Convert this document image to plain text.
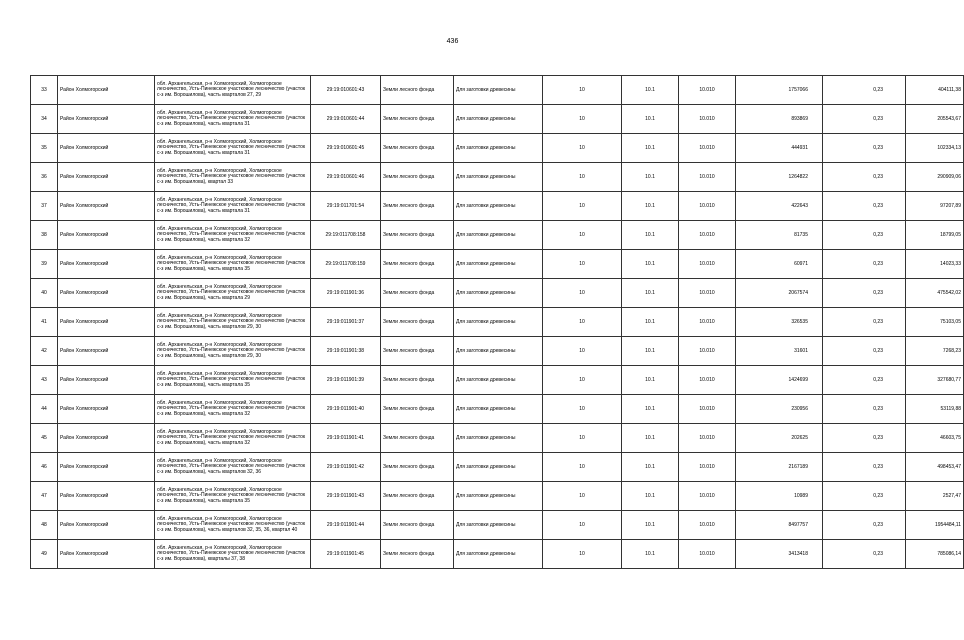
436
33	Район Холмогорский	обл. Архангельская, р-н Холмогорский, Холмогорское лесничество, Усть-Пинежское участковое лесничество (участок с-з им. Ворошилова), часть кварталов 27, 29	29:19:010601:43	Земли лесного фонда	Для заготовки древесины	10	10.1	10.010	1757066	0,23	404111,38
34	Район Холмогорский	обл. Архангельская, р-н Холмогорский, Холмогорское лесничество, Усть-Пинежское участковое лесничество (участок с-з им. Ворошилова), часть квартала 31	29:19:010601:44	Земли лесного фонда	Для заготовки древесины	10	10.1	10.010	893869	0,23	205543,67
35	Район Холмогорский	обл. Архангельская, р-н Холмогорский, Холмогорское лесничество, Усть-Пинежское участковое лесничество (участок с-з им. Ворошилова), часть квартала 31	29:19:010601:45	Земли лесного фонда	Для заготовки древесины	10	10.1	10.010	444931	0,23	102334,13
36	Район Холмогорский	обл. Архангельская, р-н Холмогорский, Холмогорское лесничество, Усть-Пинежское участковое лесничество (участок с-з им. Ворошилова), квартал 33	29:19:010601:46	Земли лесного фонда	Для заготовки древесины	10	10.1	10.010	1264822	0,23	290909,06
37	Район Холмогорский	обл. Архангельская, р-н Холмогорский, Холмогорское лесничество, Усть-Пинежское участковое лесничество (участок с-з им. Ворошилова), часть квартала 31	29:19:011701:54	Земли лесного фонда	Для заготовки древесины	10	10.1	10.010	422643	0,23	97207,89
38	Район Холмогорский	обл. Архангельская, р-н Холмогорский, Холмогорское лесничество, Усть-Пинежское участковое лесничество (участок с-з им. Ворошилова), часть квартала 32	29:19:011708:158	Земли лесного фонда	Для заготовки древесины	10	10.1	10.010	81735	0,23	18799,05
39	Район Холмогорский	обл. Архангельская, р-н Холмогорский, Холмогорское лесничество, Усть-Пинежское участковое лесничество (участок с-з им. Ворошилова), часть квартала 35	29:19:011708:159	Земли лесного фонда	Для заготовки древесины	10	10.1	10.010	60971	0,23	14023,33
40	Район Холмогорский	обл. Архангельская, р-н Холмогорский, Холмогорское лесничество, Усть-Пинежское участковое лесничество (участок с-з им. Ворошилова), часть квартала 29	29:19:011901:36	Земли лесного фонда	Для заготовки древесины	10	10.1	10.010	2067574	0,23	475542,02
41	Район Холмогорский	обл. Архангельская, р-н Холмогорский, Холмогорское лесничество, Усть-Пинежское участковое лесничество (участок с-з им. Ворошилова), часть кварталов 29, 30	29:19:011901:37	Земли лесного фонда	Для заготовки древесины	10	10.1	10.010	326535	0,23	75103,05
42	Район Холмогорский	обл. Архангельская, р-н Холмогорский, Холмогорское лесничество, Усть-Пинежское участковое лесничество (участок с-з им. Ворошилова), часть кварталов 29, 30	29:19:011901:38	Земли лесного фонда	Для заготовки древесины	10	10.1	10.010	31601	0,23	7268,23
43	Район Холмогорский	обл. Архангельская, р-н Холмогорский, Холмогорское лесничество, Усть-Пинежское участковое лесничество (участок с-з им. Ворошилова), часть квартала 35	29:19:011901:39	Земли лесного фонда	Для заготовки древесины	10	10.1	10.010	1424699	0,23	327680,77
44	Район Холмогорский	обл. Архангельская, р-н Холмогорский, Холмогорское лесничество, Усть-Пинежское участковое лесничество (участок с-з им. Ворошилова), часть квартала 32	29:19:011901:40	Земли лесного фонда	Для заготовки древесины	10	10.1	10.010	230956	0,23	53119,88
45	Район Холмогорский	обл. Архангельская, р-н Холмогорский, Холмогорское лесничество, Усть-Пинежское участковое лесничество (участок с-з им. Ворошилова), часть квартала 32	29:19:011901:41	Земли лесного фонда	Для заготовки древесины	10	10.1	10.010	202625	0,23	46603,75
46	Район Холмогорский	обл. Архангельская, р-н Холмогорский, Холмогорское лесничество, Усть-Пинежское участковое лесничество (участок с-з им. Ворошилова), часть кварталов 32, 36	29:19:011901:42	Земли лесного фонда	Для заготовки древесины	10	10.1	10.010	2167189	0,23	498453,47
47	Район Холмогорский	обл. Архангельская, р-н Холмогорский, Холмогорское лесничество, Усть-Пинежское участковое лесничество (участок с-з им. Ворошилова), часть квартала 35	29:19:011901:43	Земли лесного фонда	Для заготовки древесины	10	10.1	10.010	10989	0,23	2527,47
48	Район Холмогорский	обл. Архангельская, р-н Холмогорский, Холмогорское лесничество, Усть-Пинежское участковое лесничество (участок с-з им. Ворошилова), часть кварталов 32, 35, 36, квартал 40	29:19:011901:44	Земли лесного фонда	Для заготовки древесины	10	10.1	10.010	8497757	0,23	1954484,11
49	Район Холмогорский	обл. Архангельская, р-н Холмогорский, Холмогорское лесничество, Усть-Пинежское участковое лесничество (участок с-з им. Ворошилова), кварталы 37, 38	29:19:011901:45	Земли лесного фонда	Для заготовки древесины	10	10.1	10.010	3413418	0,23	785086,14
